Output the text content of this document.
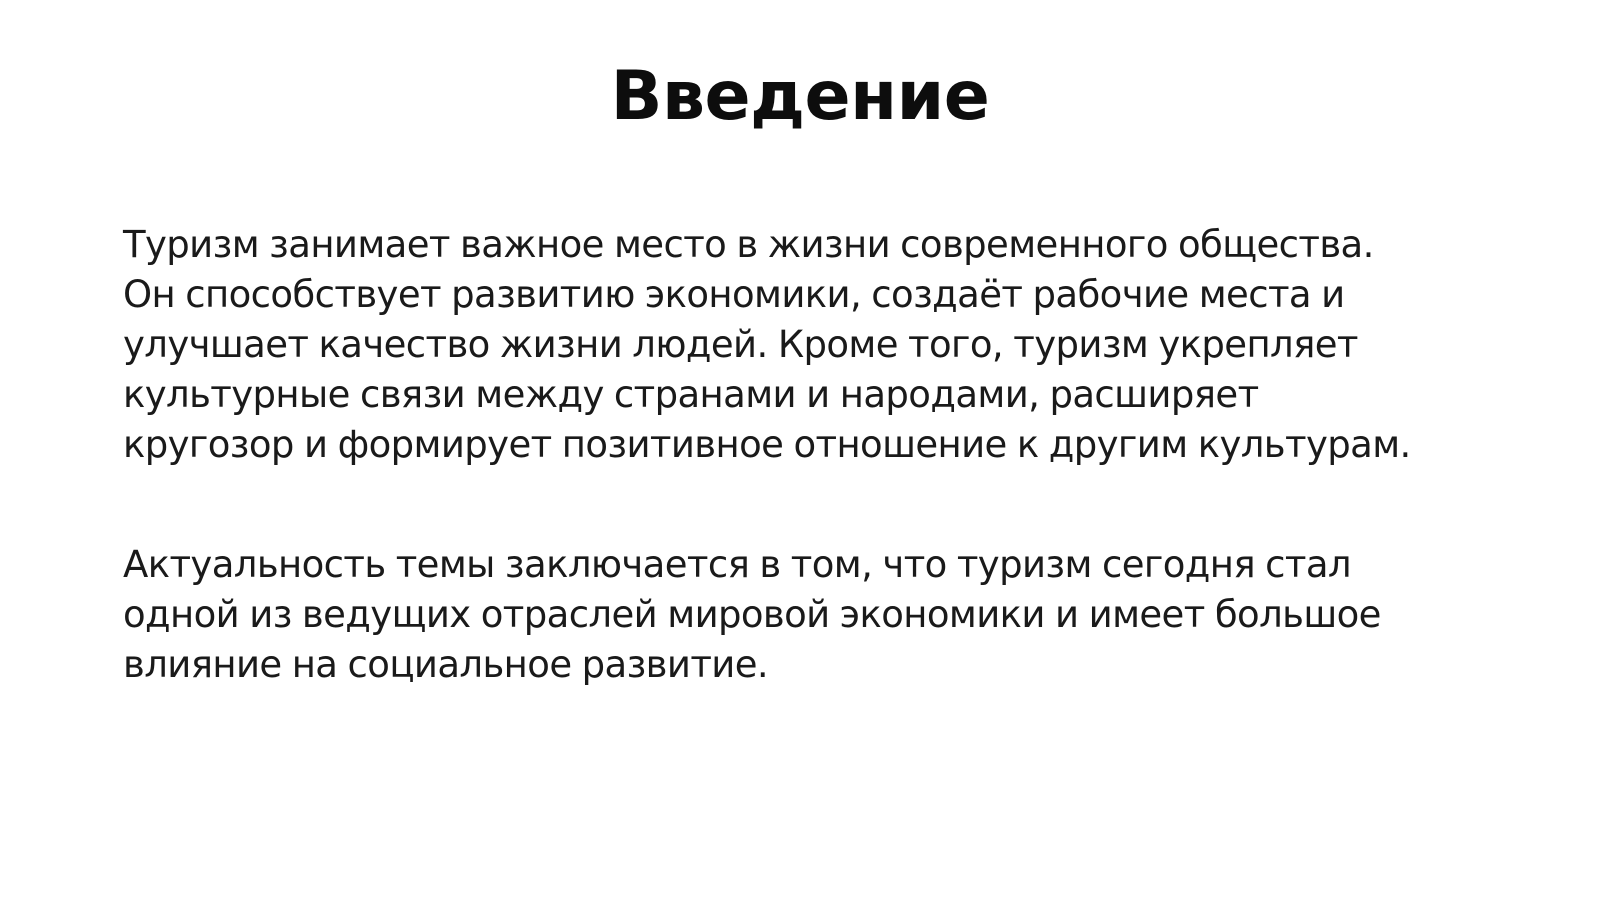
Введение

Туризм занимает важное место в жизни современного общества.
Он способствует развитию экономики, создаёт рабочие места и
улучшает качество жизни людей. Кроме того, туризм укрепляет
культурные связи между странами и народами, расширяет
кругозор и формирует позитивное отношение к другим культурам.

Актуальность темы заключается в том, что туризм сегодня стал
одной из ведущих отраслей мировой экономики и имеет большое
влияние на социальное развитие.
